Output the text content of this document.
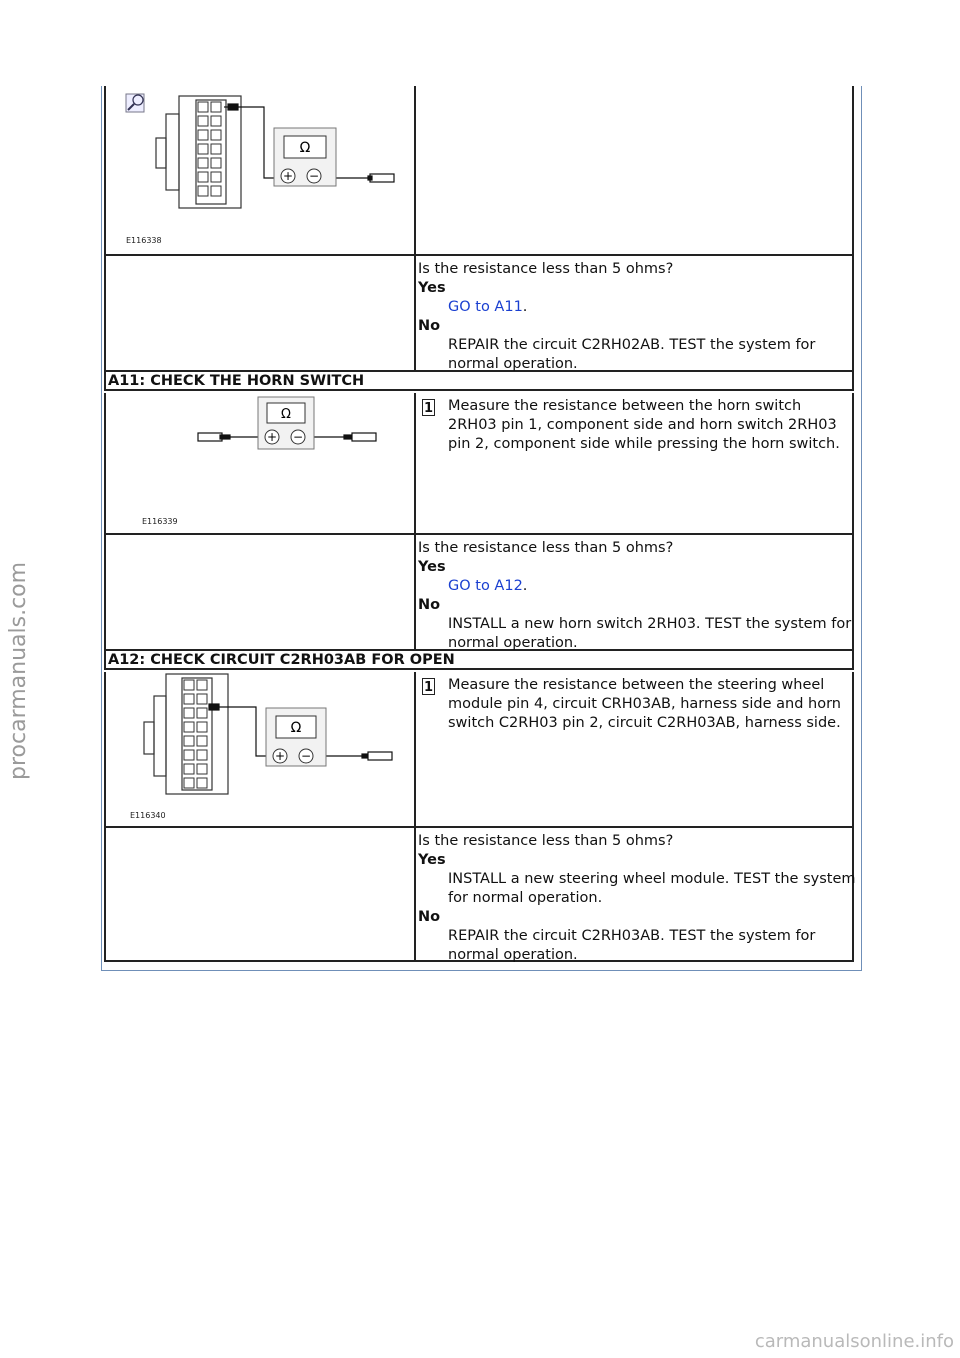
Ω
+ −
E116338
Is the resistance less than 5 ohms?
Yes
GO to A11.
No
REPAIR the circuit C2RH02AB. TEST the system for normal operation.
A11: CHECK THE HORN SWITCH
Ω
+ −
E116339
1 Measure the resistance between the horn switch 2RH03 pin 1, component side and horn switch 2RH03 pin 2, component side while pressing the horn switch.
Is the resistance less than 5 ohms?
Yes
GO to A12.
No
INSTALL a new horn switch 2RH03. TEST the system for normal operation.
A12: CHECK CIRCUIT C2RH03AB FOR OPEN
Ω
+ −
E116340
1 Measure the resistance between the steering wheel module pin 4, circuit CRH03AB, harness side and horn switch C2RH03 pin 2, circuit C2RH03AB, harness side.
Is the resistance less than 5 ohms?
Yes
INSTALL a new steering wheel module. TEST the system for normal operation.
No
REPAIR the circuit C2RH03AB. TEST the system for normal operation.
procarmanuals.com
carmanualsonline.info
